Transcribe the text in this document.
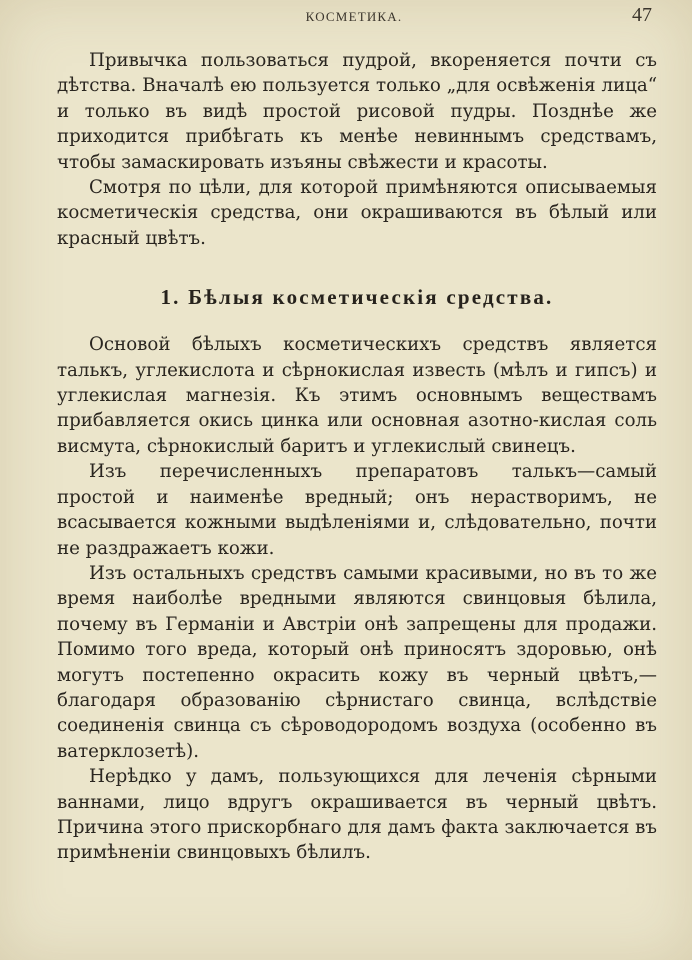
КОСМЕТИКА.	47

Привычка пользоваться пудрой, вкореняется почти съ дѣтства. Вначалѣ ею пользуется только „для освѣженія лица“ и только въ видѣ простой рисовой пудры. Позднѣе же приходится прибѣгать къ менѣе невиннымъ средствамъ, чтобы замаскировать изъяны свѣжести и красоты.

Смотря по цѣли, для которой примѣняются описываемыя косметическія средства, они окрашиваются въ бѣлый или красный цвѣтъ.

1. Бѣлыя косметическія средства.

Основой бѣлыхъ косметическихъ средствъ является талькъ, углекислота и сѣрнокислая известь (мѣлъ и гипсъ) и углекислая магнезія. Къ этимъ основнымъ веществамъ прибавляется окись цинка или основная азотно-кислая соль висмута, сѣрнокислый баритъ и углекислый свинецъ.

Изъ перечисленныхъ препаратовъ талькъ—самый простой и наименѣе вредный; онъ нерастворимъ, не всасывается кожными выдѣленіями и, слѣдовательно, почти не раздражаетъ кожи.

Изъ остальныхъ средствъ самыми красивыми, но въ то же время наиболѣе вредными являются свинцовыя бѣлила, почему въ Германіи и Австріи онѣ запрещены для продажи. Помимо того вреда, который онѣ приносятъ здоровью, онѣ могутъ постепенно окрасить кожу въ черный цвѣтъ,—благодаря образованію сѣрнистаго свинца, вслѣдствіе соединенія свинца съ сѣроводородомъ воздуха (особенно въ ватерклозетѣ).

Нерѣдко у дамъ, пользующихся для леченія сѣрными ваннами, лицо вдругъ окрашивается въ черный цвѣтъ. Причина этого прискорбнаго для дамъ факта заключается въ примѣненіи свинцовыхъ бѣлилъ.
